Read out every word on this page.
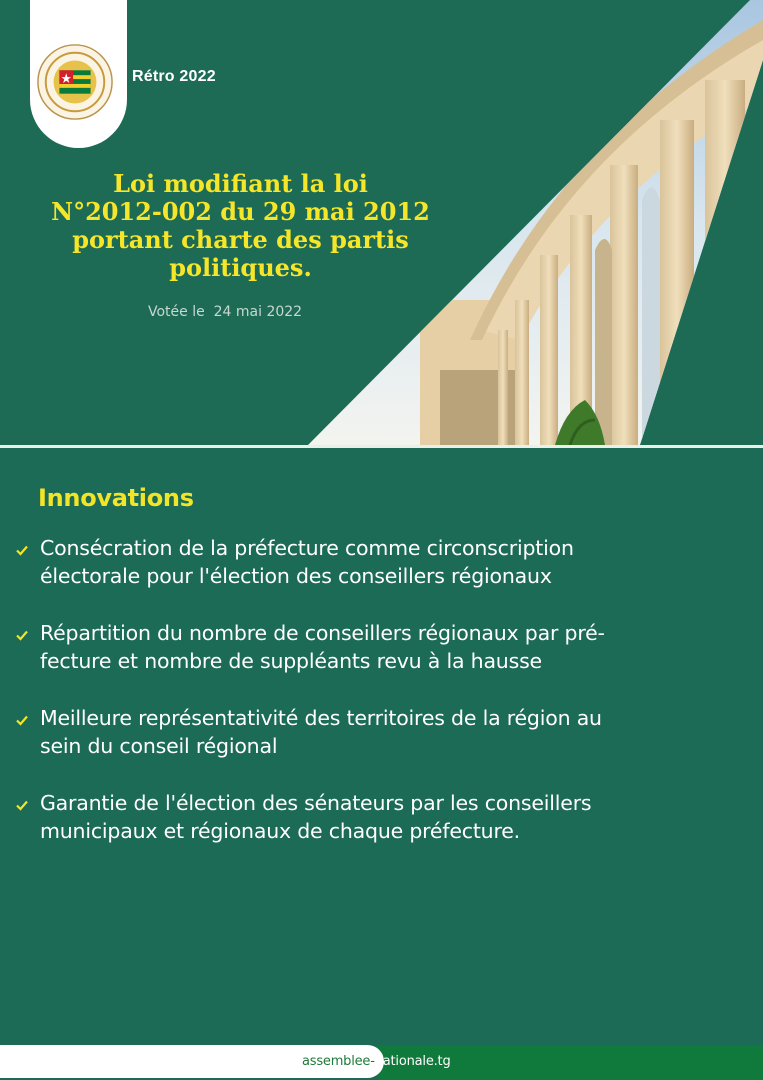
Rétro 2022
Loi modifiant la loi
N°2012-002 du 29 mai 2012
portant charte des partis
politiques.
Votée le  24 mai 2022
Innovations
Consécration de la préfecture comme circonscription
électorale pour l'élection des conseillers régionaux
Répartition du nombre de conseillers régionaux par pré-
fecture et nombre de suppléants revu à la hausse
Meilleure représentativité des territoires de la région au
sein du conseil régional
Garantie de l'élection des sénateurs par les conseillers
municipaux et régionaux de chaque préfecture.
assemblee-nationale.tg
